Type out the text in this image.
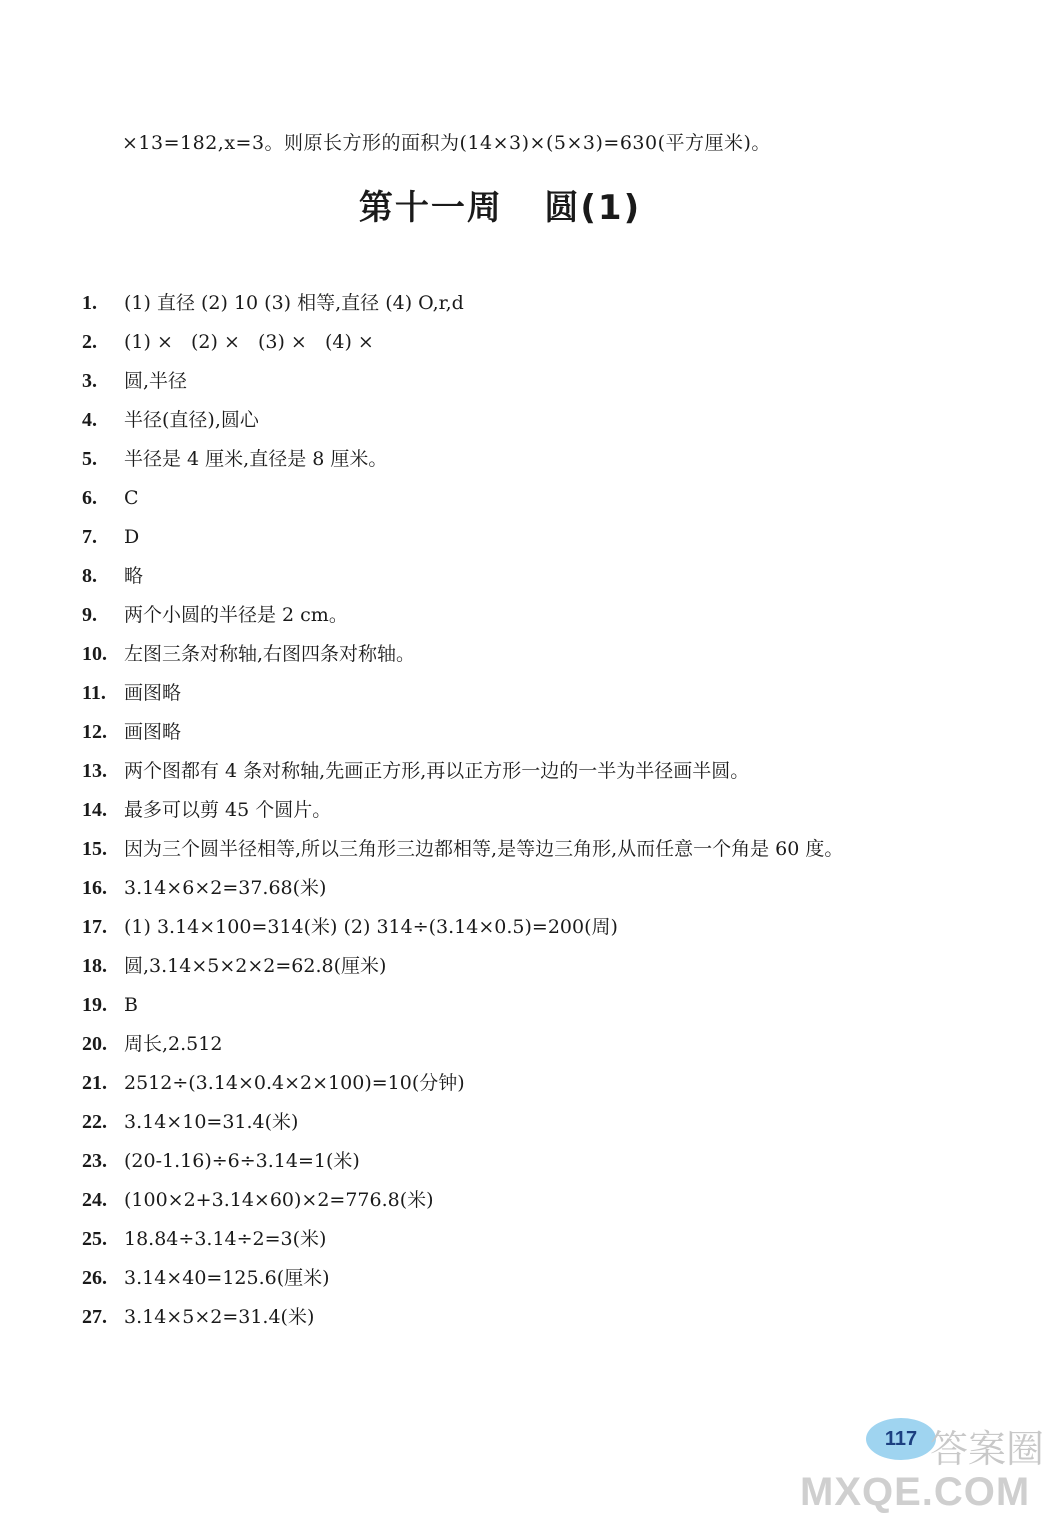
×13=182,x=3。则原长方形的面积为(14×3)×(5×3)=630(平方厘米)。
第十一周   圆(1)
1.	(1) 直径 (2) 10 (3) 相等,直径 (4) O,r,d
2.	(1) ×   (2) ×   (3) ×   (4) ×
3.	圆,半径
4.	半径(直径),圆心
5.	半径是 4 厘米,直径是 8 厘米。
6.	C
7.	D
8.	略
9.	两个小圆的半径是 2 cm。
10. 左图三条对称轴,右图四条对称轴。
11. 画图略
12. 画图略
13. 两个图都有 4 条对称轴,先画正方形,再以正方形一边的一半为半径画半圆。
14. 最多可以剪 45 个圆片。
15. 因为三个圆半径相等,所以三角形三边都相等,是等边三角形,从而任意一个角是 60 度。
16. 3.14×6×2=37.68(米)
17. (1) 3.14×100=314(米) (2) 314÷(3.14×0.5)=200(周)
18. 圆,3.14×5×2×2=62.8(厘米)
19. B
20. 周长,2.512
21. 2512÷(3.14×0.4×2×100)=10(分钟)
22. 3.14×10=31.4(米)
23. (20-1.16)÷6÷3.14=1(米)
24. (100×2+3.14×60)×2=776.8(米)
25. 18.84÷3.14÷2=3(米)
26. 3.14×40=125.6(厘米)
27. 3.14×5×2=31.4(米)
117 答案圈
MXQE.COM
